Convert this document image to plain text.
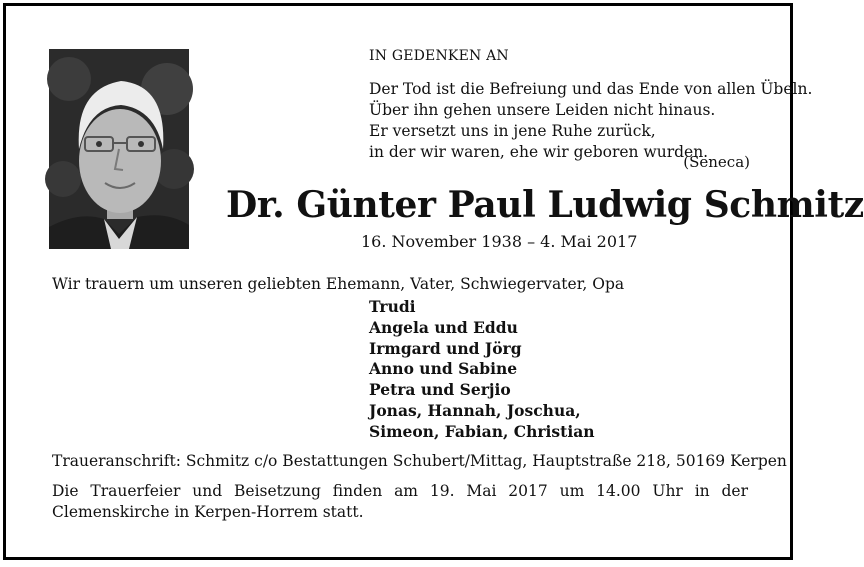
IN GEDENKEN AN
Der Tod ist die Befreiung und das Ende von allen Übeln.
Über ihn gehen unsere Leiden nicht hinaus.
Er versetzt uns in jene Ruhe zurück,
in der wir waren, ehe wir geboren wurden.
(Seneca)
Dr. Günter Paul Ludwig Schmitz
16. November 1938 – 4. Mai 2017
Wir trauern um unseren geliebten Ehemann, Vater, Schwiegervater, Opa
Trudi
Angela und Eddu
Irmgard und Jörg
Anno und Sabine
Petra und Serjio
Jonas, Hannah, Joschua,
Simeon, Fabian, Christian
Traueranschrift: Schmitz c/o Bestattungen Schubert/Mittag, Hauptstraße 218, 50169 Kerpen
Die Trauerfeier und Beisetzung finden am 19. Mai 2017 um 14.00 Uhr in der Clemenskirche in Kerpen-Horrem statt.
